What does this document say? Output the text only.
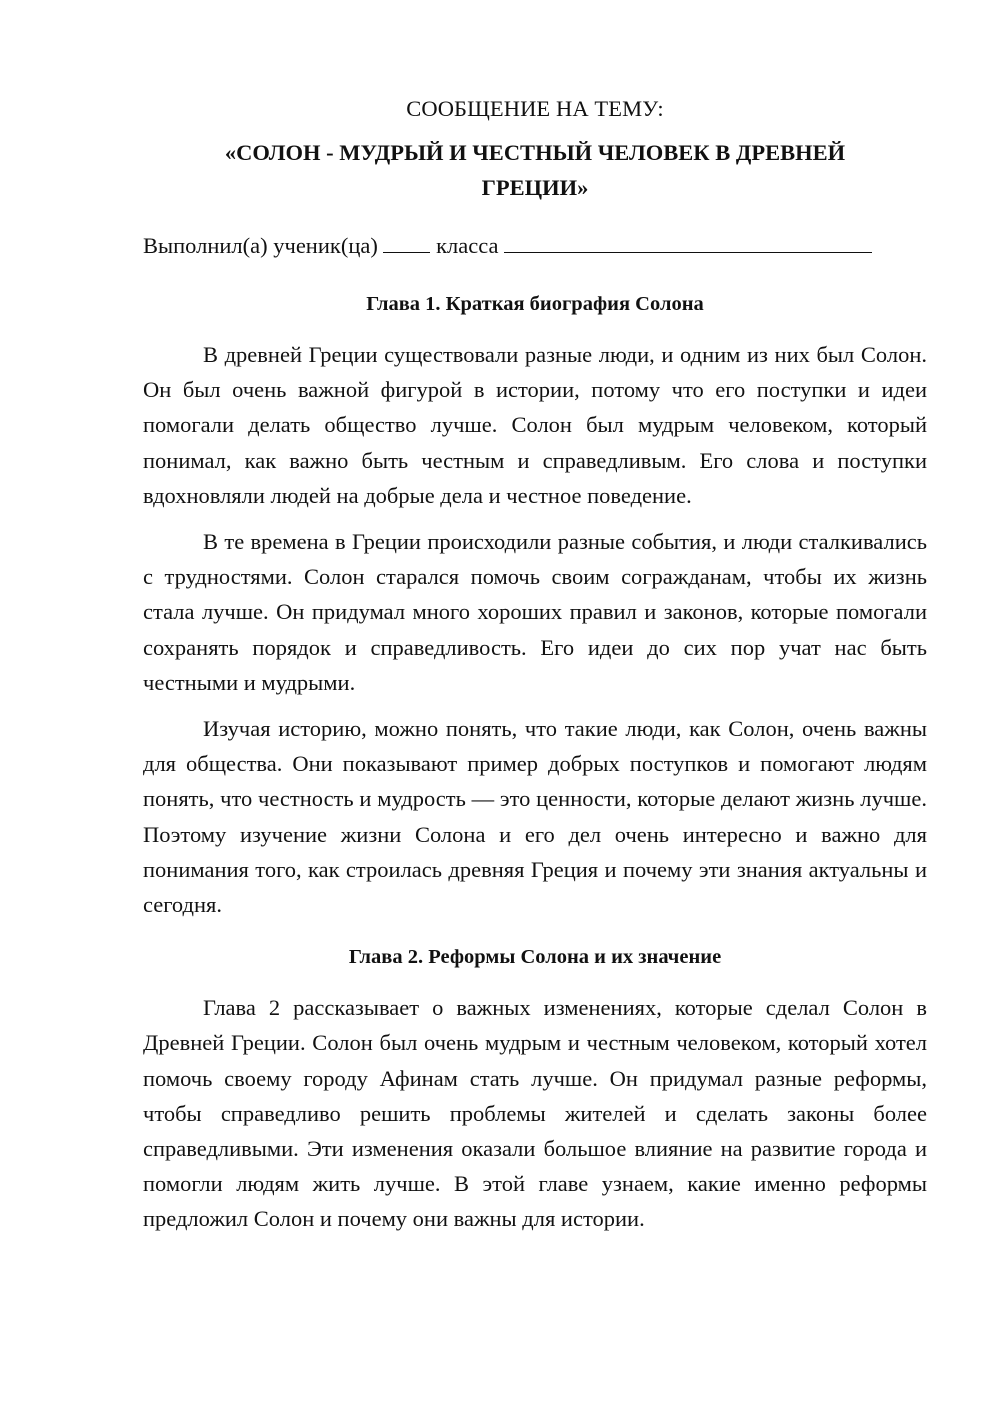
СООБЩЕНИЕ НА ТЕМУ:

«СОЛОН - МУДРЫЙ И ЧЕСТНЫЙ ЧЕЛОВЕК В ДРЕВНЕЙ ГРЕЦИИ»

Выполнил(а) ученик(ца)	класса

Глава 1. Краткая биография Солона

В древней Греции существовали разные люди, и одним из них был Солон. Он был очень важной фигурой в истории, потому что его поступки и идеи помогали делать общество лучше. Солон был мудрым человеком, который понимал, как важно быть честным и справедливым. Его слова и поступки вдохновляли людей на добрые дела и честное поведение.

В те времена в Греции происходили разные события, и люди сталкивались с трудностями. Солон старался помочь своим согражданам, чтобы их жизнь стала лучше. Он придумал много хороших правил и законов, которые помогали сохранять порядок и справедливость. Его идеи до сих пор учат нас быть честными и мудрыми.

Изучая историю, можно понять, что такие люди, как Солон, очень важны для общества. Они показывают пример добрых поступков и помогают людям понять, что честность и мудрость — это ценности, которые делают жизнь лучше. Поэтому изучение жизни Солона и его дел очень интересно и важно для понимания того, как строилась древняя Греция и почему эти знания актуальны и сегодня.

Глава 2. Реформы Солона и их значение

Глава 2 рассказывает о важных изменениях, которые сделал Солон в Древней Греции. Солон был очень мудрым и честным человеком, который хотел помочь своему городу Афинам стать лучше. Он придумал разные реформы, чтобы справедливо решить проблемы жителей и сделать законы более справедливыми. Эти изменения оказали большое влияние на развитие города и помогли людям жить лучше. В этой главе узнаем, какие именно реформы предложил Солон и почему они важны для истории.
